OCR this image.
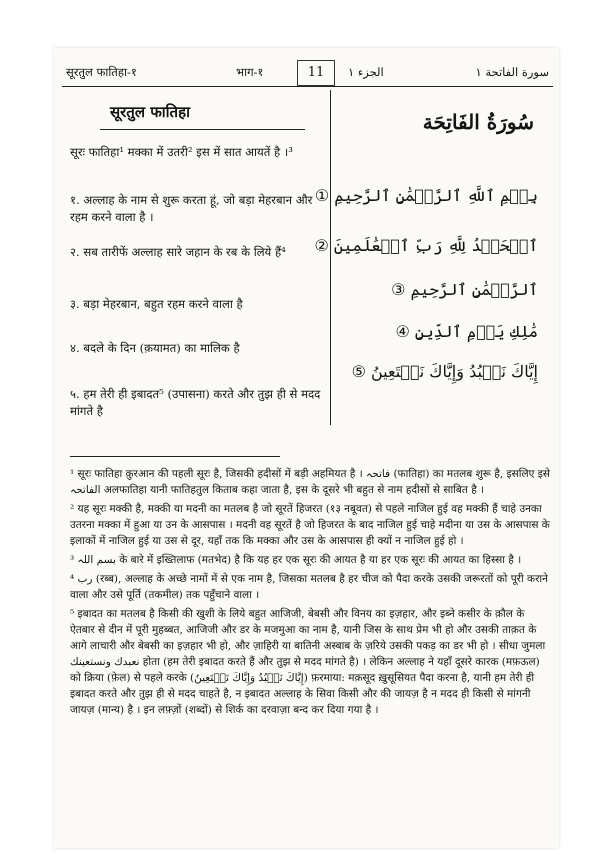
सूरतुल फातिहा-१	भाग-१	11	الجزء ١	سورة الفاتحة ١
सूरतुल फातिहा
सूरः फातिहा¹ मक्का में उतरी² इस में सात आयतें है ।³
१. अल्लाह के नाम से शुरू करता हूं, जो बड़ा मेहरबान और रहम करने वाला है ।
२. सब तारीफें अल्लाह सारे जहान के रब के लिये हैं⁴
३. बड़ा मेहरबान, बहुत रहम करने वाला है
४. बदले के दिन (क़यामत) का मालिक है
५. हम तेरी ही इबादत⁵ (उपासना) करते और तुझ ही से मदद मांगते है
سُورَةُ الفَاتِحَة
بِسۡمِ ٱللَّهِ ٱلرَّحۡمَٰنِ ٱلرَّحِيمِ ①
ٱلۡحَمۡدُ لِلَّهِ رَبِّ ٱلۡعَٰلَمِينَ ②
ٱلرَّحۡمَٰنِ ٱلرَّحِيمِ ③
مَٰلِكِ يَوۡمِ ٱلدِّينِ ④
إِيَّاكَ نَعۡبُدُ وَإِيَّاكَ نَسۡتَعِينُ ⑤
¹ सूरः फातिहा क़ुरआन की पहली सूरः है, जिसकी हदीसों में बड़ी अहमियत है । فاتحہ (फातिहा) का मतलब शुरू है, इसलिए इसे الفاتحہ अलफातिहा यानी फातिहतुल किताब कहा जाता है, इस के दूसरे भी बहुत से नाम हदीसों से साबित है ।
² यह सूरः मक्की है, मक्की या मदनी का मतलब है जो सूरतें हिजरत (१३ नबूवत) से पहले नाजिल हुई वह मक्की हैं चाहे उनका उतरना मक्का में हुआ या उन के आसपास । मदनी वह सूरतें है जो हिजरत के बाद नाजिल हुई चाहे मदीना या उस के आसपास के इलाकों में नाजिल हुई या उस से दूर, यहाँ तक कि मक्का और उस के आसपास ही क्यों न नाजिल हुई हो ।
³ بسم اللہ के बारे में इख्तिलाफ (मतभेद) है कि यह हर एक सूरः की आयत है या हर एक सूरः की आयत का हिस्सा है ।
⁴ رب (रब्ब), अल्लाह के अच्छे नामों में से एक नाम है, जिसका मतलब है हर चीज को पैदा करके उसकी जरूरतों को पूरी कराने वाला और उसे पूर्ति (तकमील) तक पहुँचाने वाला ।
⁵ इबादत का मतलब है किसी की खुशी के लिये बहुत आजिजी, बेबसी और विनय का इज़हार, और इब्ने कसीर के क़ौल के ऐतबार से दीन में पूरी मुहब्बत, आजिजी और डर के मजमुआ का नाम है, यानी जिस के साथ प्रेम भी हो और उसकी ताक़त के आगे लाचारी और बेबसी का इज़हार भी हो, और ज़ाहिरी या बातिनी अस्बाब के ज़रिये उसकी पकड़ का डर भी हो । सीधा जुमला نعبدك ونستعينك होता (हम तेरी इबादत करते हैं और तुझ से मदद मांगते है) । लेकिन अल्लाह ने यहाँ दूसरे कारक (मफ़ऊल) को क्रिया (फ़ेल) से पहले करके (إِيَّاكَ نَعۡبُدُ وَإِيَّاكَ نَسۡتَعِينُ) फ़रमाया: मक़सूद ख़ुसूसियत पैदा करना है, यानी हम तेरी ही इबादत करते और तुझ ही से मदद चाहते है, न इबादत अल्लाह के सिवा किसी और की जायज़ है न मदद ही किसी से मांगनी जायज़ (मान्य) है । इन लफ़्ज़ों (शब्दों) से शिर्क का दरवाज़ा बन्द कर दिया गया है ।
